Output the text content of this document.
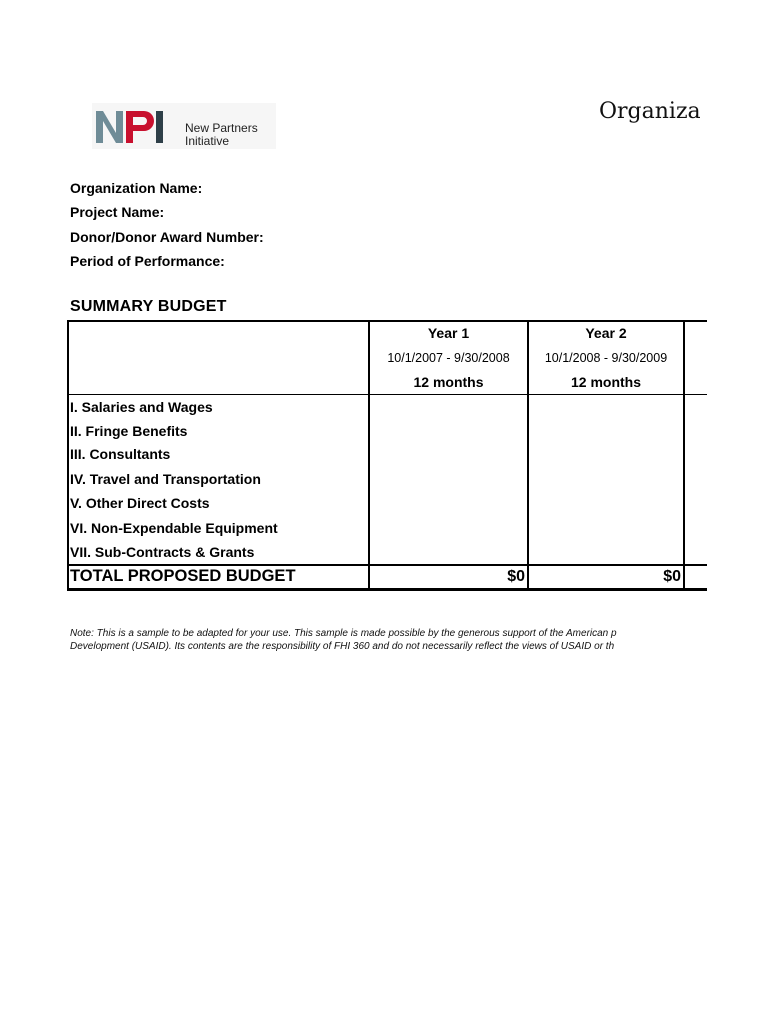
New Partners
Initiative
Organiza
Organization Name:
Project Name:
Donor/Donor Award Number:
Period of Performance:
SUMMARY BUDGET
Year 1
10/1/2007 - 9/30/2008
12 months
Year 2
10/1/2008 - 9/30/2009
12 months
I. Salaries and Wages
II. Fringe Benefits
III. Consultants
IV. Travel and Transportation
V. Other Direct Costs
VI. Non-Expendable Equipment
VII. Sub-Contracts & Grants
TOTAL PROPOSED BUDGET	$0	$0
Note: This is a sample to be adapted for your use. This sample is made possible by the generous support of the American p
Development (USAID). Its contents are the responsibility of FHI 360 and do not necessarily reflect the views of USAID or th
